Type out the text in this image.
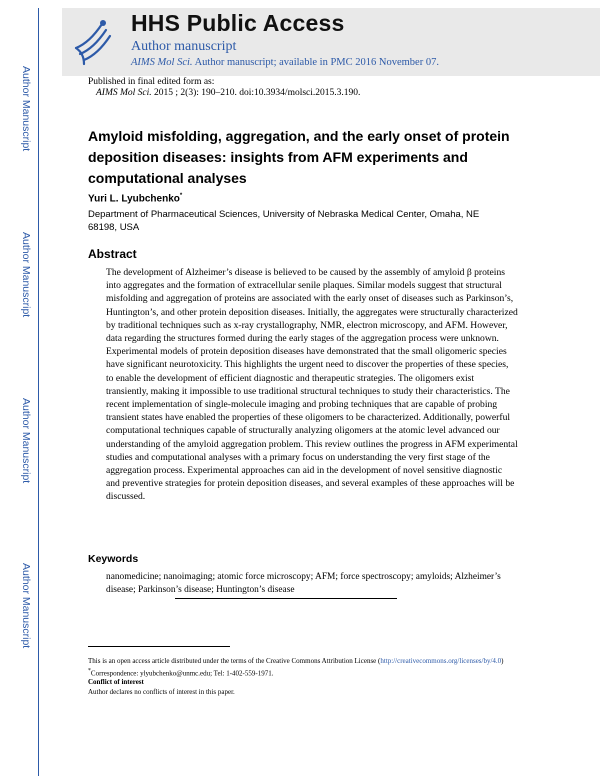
HHS Public Access
Author manuscript
AIMS Mol Sci. Author manuscript; available in PMC 2016 November 07.
Author Manuscript
Author Manuscript
Author Manuscript
Author Manuscript
Published in final edited form as:
AIMS Mol Sci. 2015 ; 2(3): 190–210. doi:10.3934/molsci.2015.3.190.
Amyloid misfolding, aggregation, and the early onset of protein deposition diseases: insights from AFM experiments and computational analyses
Yuri L. Lyubchenko*
Department of Pharmaceutical Sciences, University of Nebraska Medical Center, Omaha, NE 68198, USA
Abstract

The development of Alzheimer’s disease is believed to be caused by the assembly of amyloid β proteins into aggregates and the formation of extracellular senile plaques. Similar models suggest that structural misfolding and aggregation of proteins are associated with the early onset of diseases such as Parkinson’s, Huntington’s, and other protein deposition diseases. Initially, the aggregates were structurally characterized by traditional techniques such as x-ray crystallography, NMR, electron microscopy, and AFM. However, data regarding the structures formed during the early stages of the aggregation process were unknown. Experimental models of protein deposition diseases have demonstrated that the small oligomeric species have significant neurotoxicity. This highlights the urgent need to discover the properties of these species, to enable the development of efficient diagnostic and therapeutic strategies. The oligomers exist transiently, making it impossible to use traditional structural techniques to study their characteristics. The recent implementation of single-molecule imaging and probing techniques that are capable of probing transient states have enabled the properties of these oligomers to be characterized. Additionally, powerful computational techniques capable of structurally analyzing oligomers at the atomic level advanced our understanding of the amyloid aggregation problem. This review outlines the progress in AFM experimental studies and computational analyses with a primary focus on understanding the very first stage of the aggregation process. Experimental approaches can aid in the development of novel sensitive diagnostic and preventive strategies for protein deposition diseases, and several examples of these approaches will be discussed.

Keywords

nanomedicine; nanoimaging; atomic force microscopy; AFM; force spectroscopy; amyloids; Alzheimer’s disease; Parkinson’s disease; Huntington’s disease

This is an open access article distributed under the terms of the Creative Commons Attribution License (http://creativecommons.org/licenses/by/4.0)

*Correspondence: ylyubchenko@unmc.edu; Tel: 1-402-559-1971.

Conflict of interest

Author declares no conflicts of interest in this paper.
